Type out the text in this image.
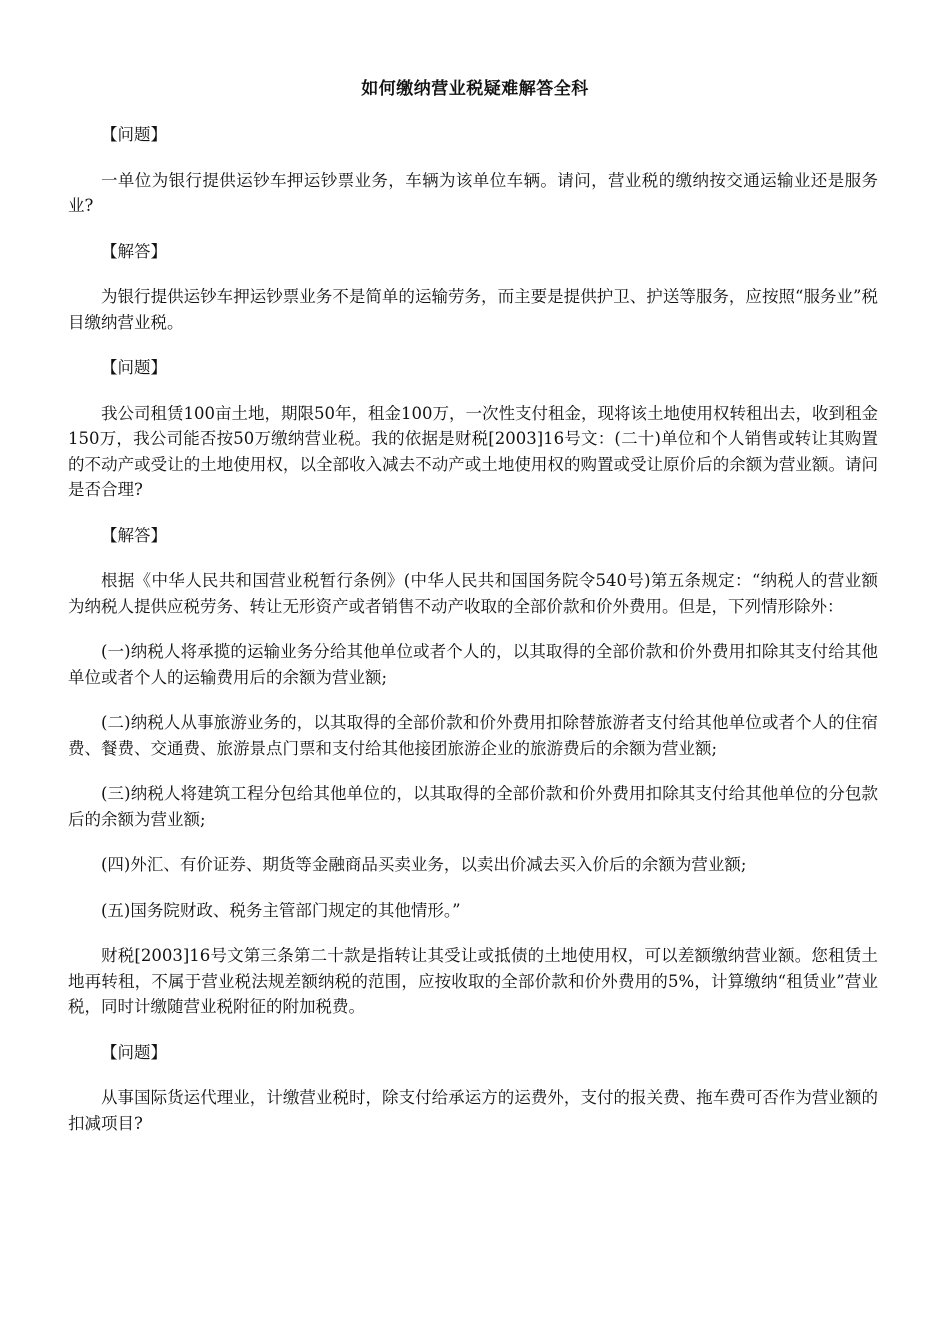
如何缴纳营业税疑难解答全科

【问题】

一单位为银行提供运钞车押运钞票业务，车辆为该单位车辆。请问，营业税的缴纳按交通运输业还是服务业?

【解答】

为银行提供运钞车押运钞票业务不是简单的运输劳务，而主要是提供护卫、护送等服务，应按照“服务业”税目缴纳营业税。

【问题】

我公司租赁100亩土地，期限50年，租金100万，一次性支付租金，现将该土地使用权转租出去，收到租金150万，我公司能否按50万缴纳营业税。我的依据是财税[2003]16号文：(二十)单位和个人销售或转让其购置的不动产或受让的土地使用权，以全部收入减去不动产或土地使用权的购置或受让原价后的余额为营业额。请问是否合理?

【解答】

根据《中华人民共和国营业税暂行条例》(中华人民共和国国务院令540号)第五条规定：“纳税人的营业额为纳税人提供应税劳务、转让无形资产或者销售不动产收取的全部价款和价外费用。但是，下列情形除外：

(一)纳税人将承揽的运输业务分给其他单位或者个人的，以其取得的全部价款和价外费用扣除其支付给其他单位或者个人的运输费用后的余额为营业额;

(二)纳税人从事旅游业务的，以其取得的全部价款和价外费用扣除替旅游者支付给其他单位或者个人的住宿费、餐费、交通费、旅游景点门票和支付给其他接团旅游企业的旅游费后的余额为营业额;

(三)纳税人将建筑工程分包给其他单位的，以其取得的全部价款和价外费用扣除其支付给其他单位的分包款后的余额为营业额;

(四)外汇、有价证券、期货等金融商品买卖业务，以卖出价减去买入价后的余额为营业额;

(五)国务院财政、税务主管部门规定的其他情形。”

财税[2003]16号文第三条第二十款是指转让其受让或抵债的土地使用权，可以差额缴纳营业额。您租赁土地再转租，不属于营业税法规差额纳税的范围，应按收取的全部价款和价外费用的5%，计算缴纳“租赁业”营业税，同时计缴随营业税附征的附加税费。

【问题】

从事国际货运代理业，计缴营业税时，除支付给承运方的运费外，支付的报关费、拖车费可否作为营业额的扣减项目?
